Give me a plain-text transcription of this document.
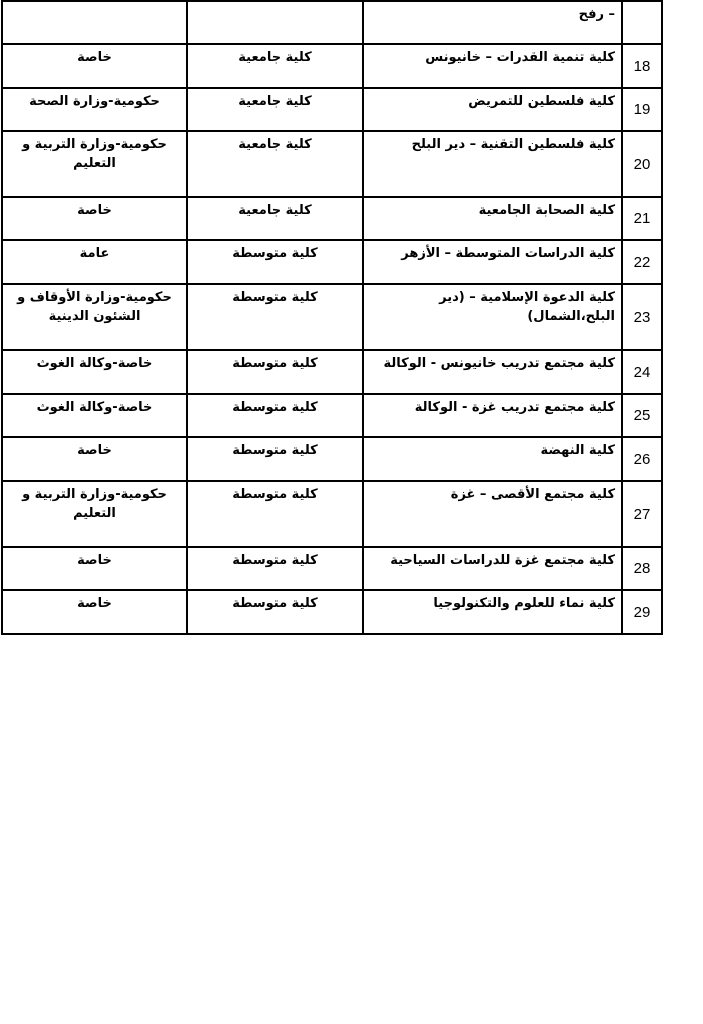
	– رفح		
18	كلية تنمية القدرات – خانيونس	كلية جامعية	خاصة
19	كلية فلسطين للتمريض	كلية جامعية	حكومية-وزارة الصحة
20	كلية فلسطين التقنية – دير البلح	كلية جامعية	حكومية-وزارة التربية و التعليم
21	كلية الصحابة الجامعية	كلية جامعية	خاصة
22	كلية الدراسات المتوسطة – الأزهر	كلية متوسطة	عامة
23	كلية الدعوة الإسلامية – (دير البلح،الشمال)	كلية متوسطة	حكومية-وزارة الأوقاف و الشئون الدينية
24	كلية مجتمع تدريب خانيونس - الوكالة	كلية متوسطة	خاصة-وكالة الغوث
25	كلية مجتمع تدريب غزة - الوكالة	كلية متوسطة	خاصة-وكالة الغوث
26	كلية النهضة	كلية متوسطة	خاصة
27	كلية مجتمع الأقصى – غزة	كلية متوسطة	حكومية-وزارة التربية و التعليم
28	كلية مجتمع غزة للدراسات السياحية	كلية متوسطة	خاصة
29	كلية نماء للعلوم والتكنولوجيا	كلية متوسطة	خاصة
